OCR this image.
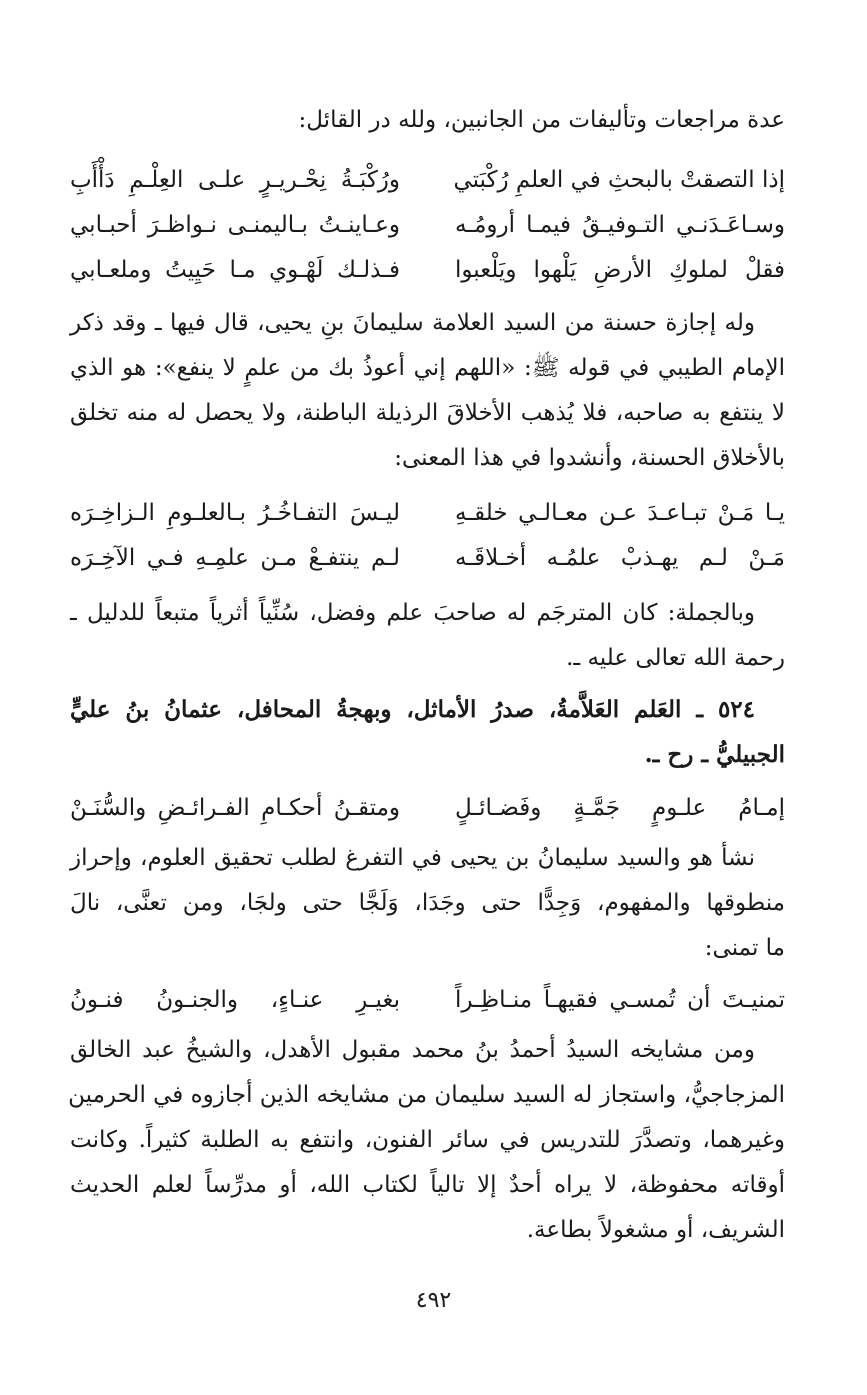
عدة مراجعات وتأليفات من الجانبين، ولله در القائل:
إذا التصقتْ بالبحثِ في العلمِ رُكْبَتي
ورُكْبَـةُ نِحْـريـرٍ علـى العِلْـمِ دَأْأَبِ
وسـاعَـدَنـي التـوفيـقُ فيمـا أرومُـه
وعـاينـتُ بـاليمنـى نـواظـرَ أحبـابي
فقلْ لملوكِ الأرضِ يَلْهوا ويَلْعبوا
فـذلـك لَهْـوي مـا حَيِيتُ وملعـابي
وله إجازة حسنة من السيد العلامة سليمانَ بنِ يحيى، قال فيها ـ وقد ذكر
الإمام الطيبي في قوله ﷺ: «اللهم إني أعوذُ بك من علمٍ لا ينفع»: هو الذي
لا ينتفع به صاحبه، فلا يُذهب الأخلاقَ الرذيلة الباطنة، ولا يحصل له منه تخلق
بالأخلاق الحسنة، وأنشدوا في هذا المعنى:
يـا مَـنْ تبـاعـدَ عـن معـالـي خلقـهِ
ليـسَ التفـاخُـرُ بـالعلـومِ الـزاخِـرَه
مَـنْ لـم يهـذبْ علمُـه أخـلاقَـه
لـم ينتفـعْ مـن علمِـهِ فـي الآخِـرَه
وبالجملة: كان المترجَم له صاحبَ علم وفضل، سُنِّياً أثرياً متبعاً للدليل ـ
رحمة الله تعالى عليه ـ.
٥٢٤ ـ العَلم العَلاَّمةُ، صدرُ الأماثل، وبهجةُ المحافل، عثمانُ بنُ عليٍّ
الجبيليُّ ـ رح ـ.
إمـامُ علـومٍ جَمَّـةٍ وفَضـائـلٍ
ومتقـنُ أحكـامِ الفـرائـضِ والسُّنَـنْ
نشأ هو والسيد سليمانُ بن يحيى في التفرغ لطلب تحقيق العلوم، وإحراز
منطوقها والمفهوم، وَجِدًّا حتى وجَدَا، وَلَجَّا حتى ولجَا، ومن تعنَّى، نالَ
ما تمنى:
تمنيـتَ أن تُمسـي فقيهـاً منـاظِـراً
بغيـرِ عنـاءٍ، والجنـونُ فنـونُ
ومن مشايخه السيدُ أحمدُ بنُ محمد مقبول الأهدل، والشيخُ عبد الخالق
المزجاجيُّ، واستجاز له السيد سليمان من مشايخه الذين أجازوه في الحرمين
وغيرهما، وتصدَّرَ للتدريس في سائر الفنون، وانتفع به الطلبة كثيراً. وكانت
أوقاته محفوظة، لا يراه أحدٌ إلا تالياً لكتاب الله، أو مدرِّساً لعلم الحديث
الشريف، أو مشغولاً بطاعة.
٤٩٢
